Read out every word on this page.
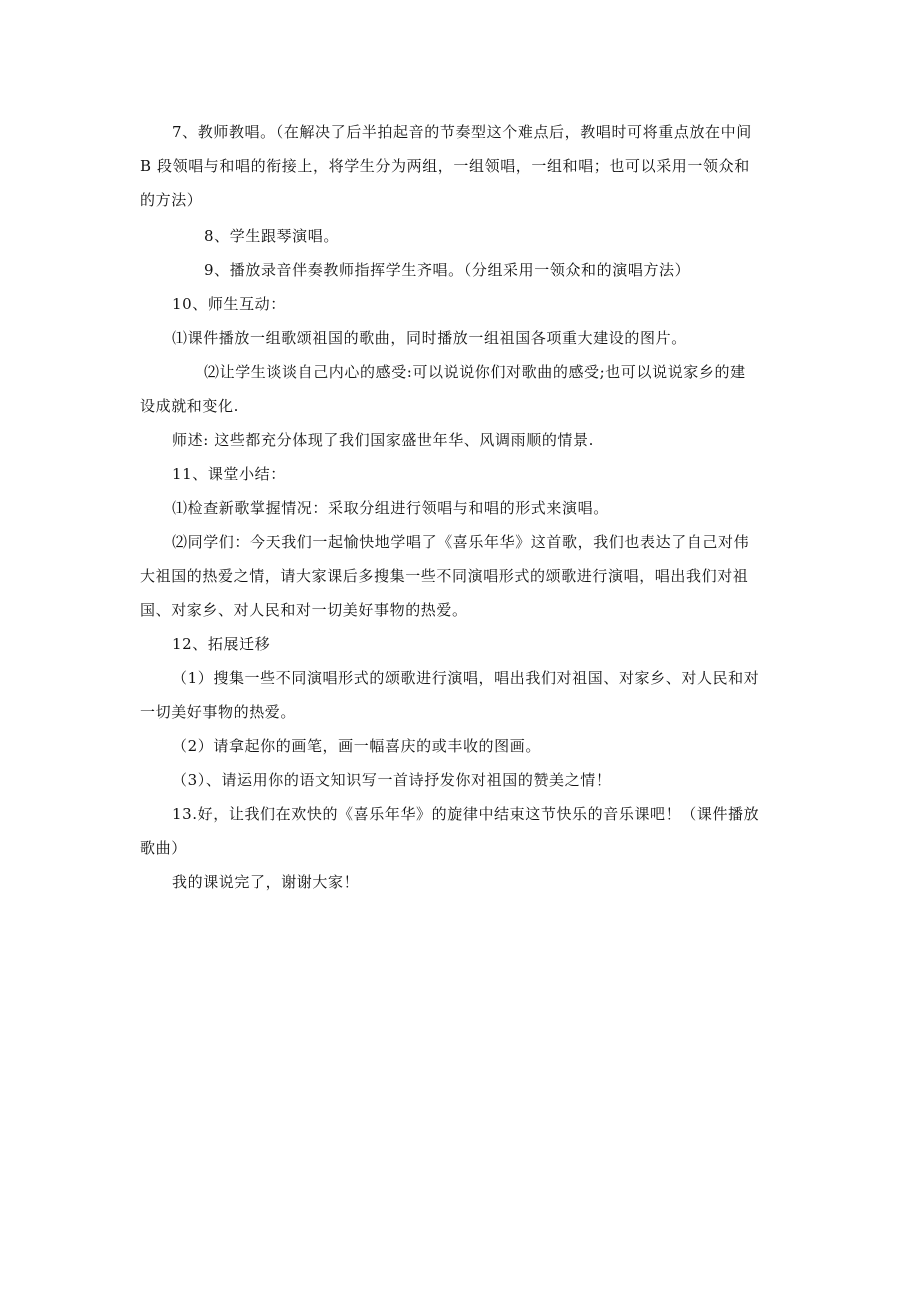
7、教师教唱。（在解决了后半拍起音的节奏型这个难点后，教唱时可将重点放在中间
B 段领唱与和唱的衔接上，将学生分为两组，一组领唱，一组和唱；也可以采用一领众和
的方法）
8、学生跟琴演唱。
9、播放录音伴奏教师指挥学生齐唱。（分组采用一领众和的演唱方法）
10、师生互动：
⑴课件播放一组歌颂祖国的歌曲，同时播放一组祖国各项重大建设的图片。
⑵让学生谈谈自己内心的感受:可以说说你们对歌曲的感受;也可以说说家乡的建
设成就和变化.
师述: 这些都充分体现了我们国家盛世年华、风调雨顺的情景.
11、课堂小结：
⑴检查新歌掌握情况：采取分组进行领唱与和唱的形式来演唱。
⑵同学们：今天我们一起愉快地学唱了《喜乐年华》这首歌，我们也表达了自己对伟
大祖国的热爱之情，请大家课后多搜集一些不同演唱形式的颂歌进行演唱，唱出我们对祖
国、对家乡、对人民和对一切美好事物的热爱。
12、拓展迁移
（1）搜集一些不同演唱形式的颂歌进行演唱，唱出我们对祖国、对家乡、对人民和对
一切美好事物的热爱。
（2）请拿起你的画笔，画一幅喜庆的或丰收的图画。
（3）、请运用你的语文知识写一首诗抒发你对祖国的赞美之情！
13.好，让我们在欢快的《喜乐年华》的旋律中结束这节快乐的音乐课吧！（课件播放
歌曲）
我的课说完了，谢谢大家！
